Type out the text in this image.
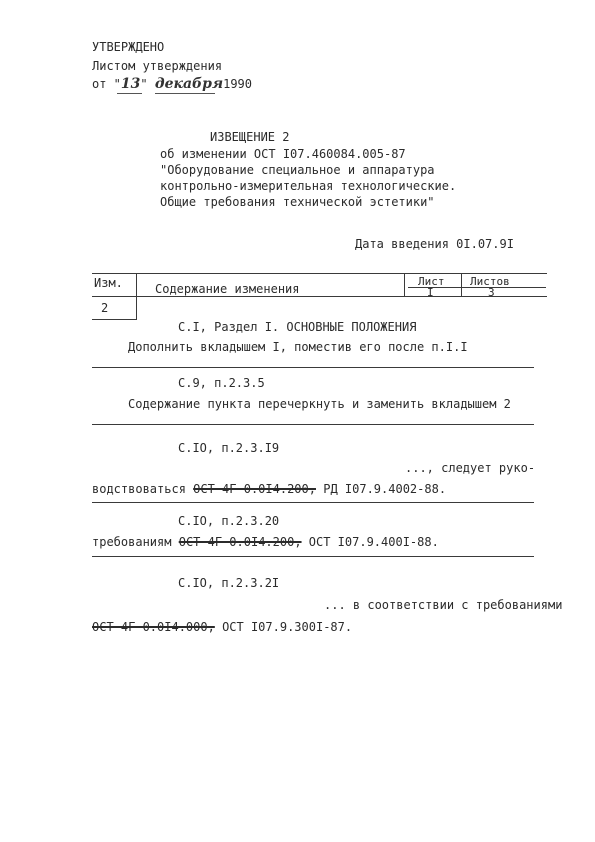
УТВЕРЖДЕНО
Листом утверждения
от "13" декабря1990
ИЗВЕЩЕНИЕ 2
об изменении ОСТ I07.460084.005-87
"Оборудование специальное и аппаратура
контрольно-измерительная технологические.
Общие требования технической эстетики"
Дата введения 0I.07.9I
Изм.	Содержание изменения
Лист
I
Листов
3
2
С.I, Раздел I. ОСНОВНЫЕ ПОЛОЖЕНИЯ
Дополнить вкладышем I, поместив его после п.I.I
С.9, п.2.3.5
Содержание пункта перечеркнуть и заменить вкладышем 2
С.IO, п.2.3.I9
..., следует руко-
водствоваться ОСТ 4Г 0.0I4.200, РД I07.9.4002-88.
С.IO, п.2.3.20
требованиям ОСТ 4Г 0.0I4.200, ОСТ I07.9.400I-88.
С.IO, п.2.3.2I
... в соответствии с требованиями
ОСТ 4Г 0.0I4.000, ОСТ I07.9.300I-87.
